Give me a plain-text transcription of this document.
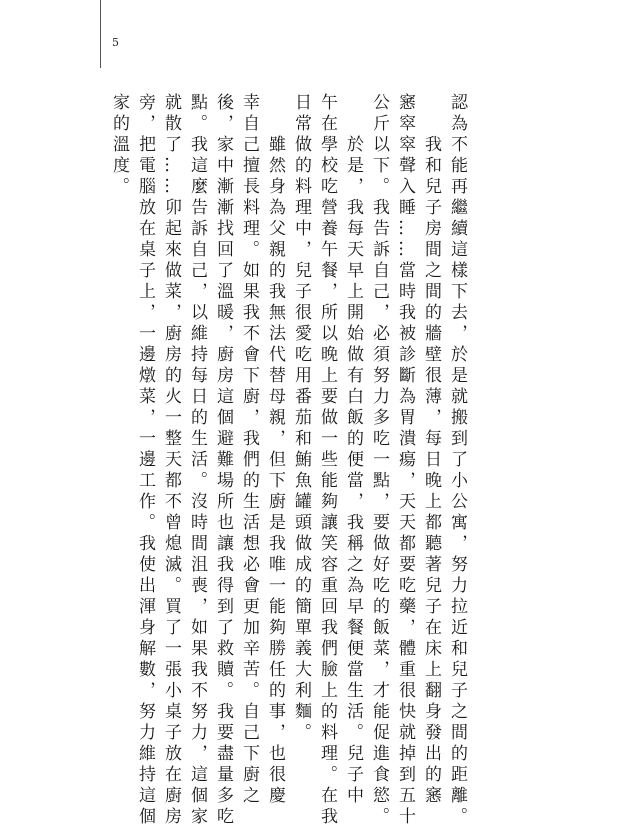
5

認為不能再繼續這樣下去，於是就搬到了小公寓，努力拉近和兒子之間的距離。

　　我和兒子房間之間的牆壁很薄，每日晚上都聽著兒子在床上翻身發出的窸

窸窣窣聲入睡……當時我被診斷為胃潰瘍，天天都要吃藥，體重很快就掉到五十

公斤以下。我告訴自己，必須努力多吃一點，要做好吃的飯菜，才能促進食慾。

　　於是，我每天早上開始做有白飯的便當，我稱之為早餐便當生活。兒子中

午在學校吃營養午餐，所以晚上要做一些能夠讓笑容重回我們臉上的料理。在我

日常做的料理中，兒子很愛吃用番茄和鮪魚罐頭做成的簡單義大利麵。

　　雖然身為父親的我無法代替母親，但下廚是我唯一能夠勝任的事，也很慶

幸自己擅長料理。如果我不會下廚，我們的生活想必會更加辛苦。自己下廚之

後，家中漸漸找回了溫暖，廚房這個避難場所也讓我得到了救贖。我要盡量多吃

點。我這麼告訴自己，以維持每日的生活。沒時間沮喪，如果我不努力，這個家

就散了……卯起來做菜，廚房的火一整天都不曾熄滅。買了一張小桌子放在廚房

旁，把電腦放在桌子上，一邊燉菜，一邊工作。我使出渾身解數，努力維持這個

家的溫度。
